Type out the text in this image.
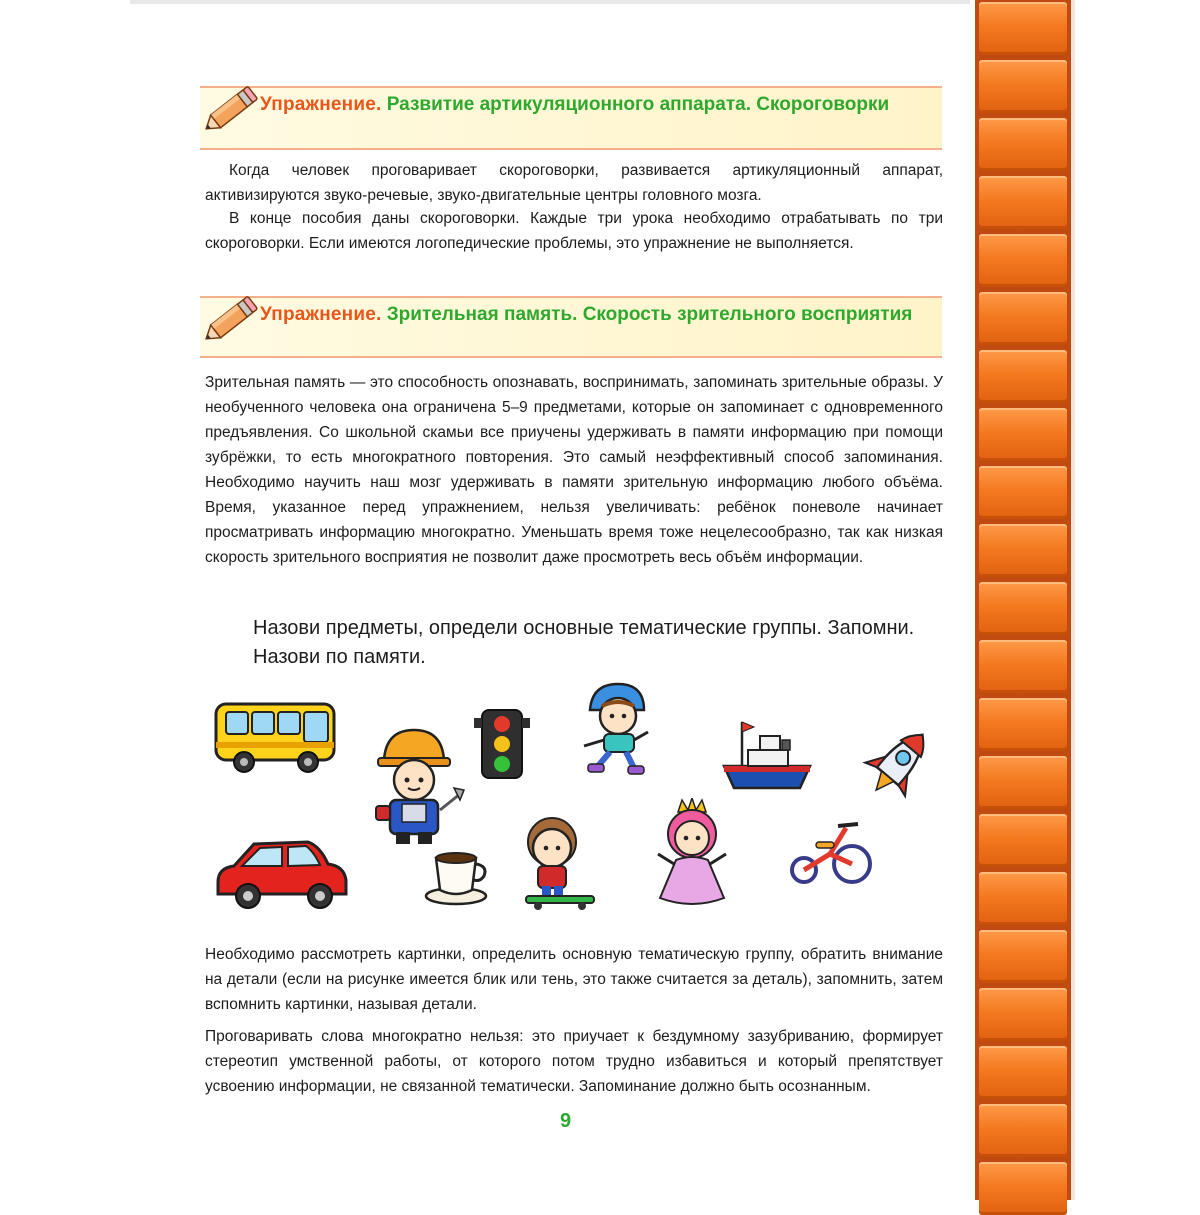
Упражнение. Развитие артикуляционного аппарата. Скороговорки

Когда человек проговаривает скороговорки, развивается артикуляционный аппарат, активизируются звуко-речевые, звуко-двигательные центры головного мозга.

В конце пособия даны скороговорки. Каждые три урока необходимо отрабатывать по три скороговорки. Если имеются логопедические проблемы, это упражнение не выполняется.

Упражнение. Зрительная память. Скорость зрительного восприятия

Зрительная память — это способность опознавать, воспринимать, запоминать зрительные образы. У необученного человека она ограничена 5–9 предметами, которые он запоминает с одновременного предъявления. Со школьной скамьи все приучены удерживать в памяти информацию при помощи зубрёжки, то есть многократного повторения. Это самый неэффективный способ запоминания. Необходимо научить наш мозг удерживать в памяти зрительную информацию любого объёма. Время, указанное перед упражнением, нельзя увеличивать: ребёнок поневоле начинает просматривать информацию многократно. Уменьшать время тоже нецелесообразно, так как низкая скорость зрительного восприятия не позволит даже просмотреть весь объём информации.

Назови предметы, определи основные тематические группы. Запомни. Назови по памяти.

Необходимо рассмотреть картинки, определить основную тематическую группу, обратить внимание на детали (если на рисунке имеется блик или тень, это также считается за деталь), запомнить, затем вспомнить картинки, называя детали.

Проговаривать слова многократно нельзя: это приучает к бездумному зазубриванию, формирует стереотип умственной работы, от которого потом трудно избавиться и который препятствует усвоению информации, не связанной тематически. Запоминание должно быть осознанным.

9
